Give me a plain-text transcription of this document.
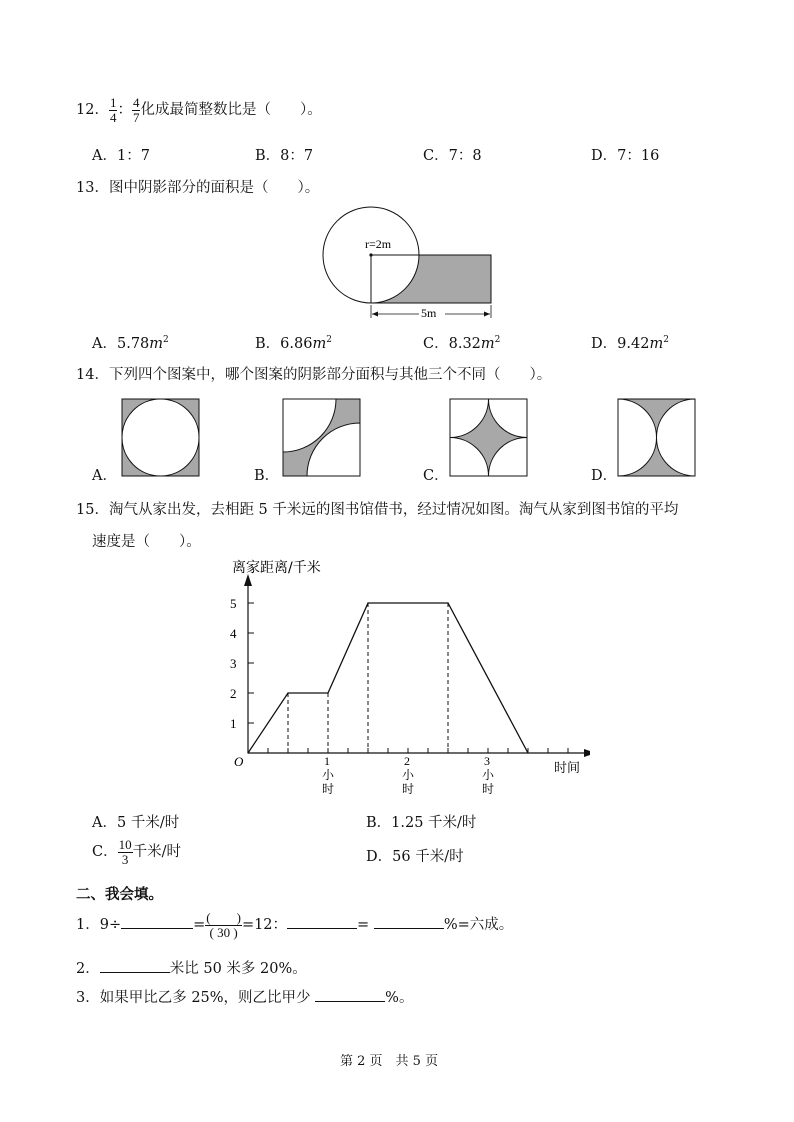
12． $\frac{1}{4}$ ： $\frac{4}{7}$ 化成最简整数比是（　　）。
A．1：7	B．8：7	C．7：8	D．7：16
13．图中阴影部分的面积是（　　）。
r=2m
5m
A．$5.78m^2$	B．$6.86m^2$	C．$8.32m^2$	D．$9.42m^2$
14．下列四个图案中，哪个图案的阴影部分面积与其他三个不同（　　）。
A．	B．	C．	D．
15．淘气从家出发，去相距 5 千米远的图书馆借书，经过情况如图。淘气从家到图书馆的平均
速度是（　　）。
1
2
3
4
5
1
小
时
2
小
时
3
小
时
离家距离/千米
时间
O
A．5 千米/时	B．1.25 千米/时
C． $\frac{10}{3}$ 千米/时	D．56 千米/时
二、我会填。
1．9÷	= $\frac{( )}{( 30 )} =12$：	=	%=六成。
2．	米比 50 米多 20%。
3．如果甲比乙多 25%，则乙比甲少	%。
第 2 页　共 5 页
